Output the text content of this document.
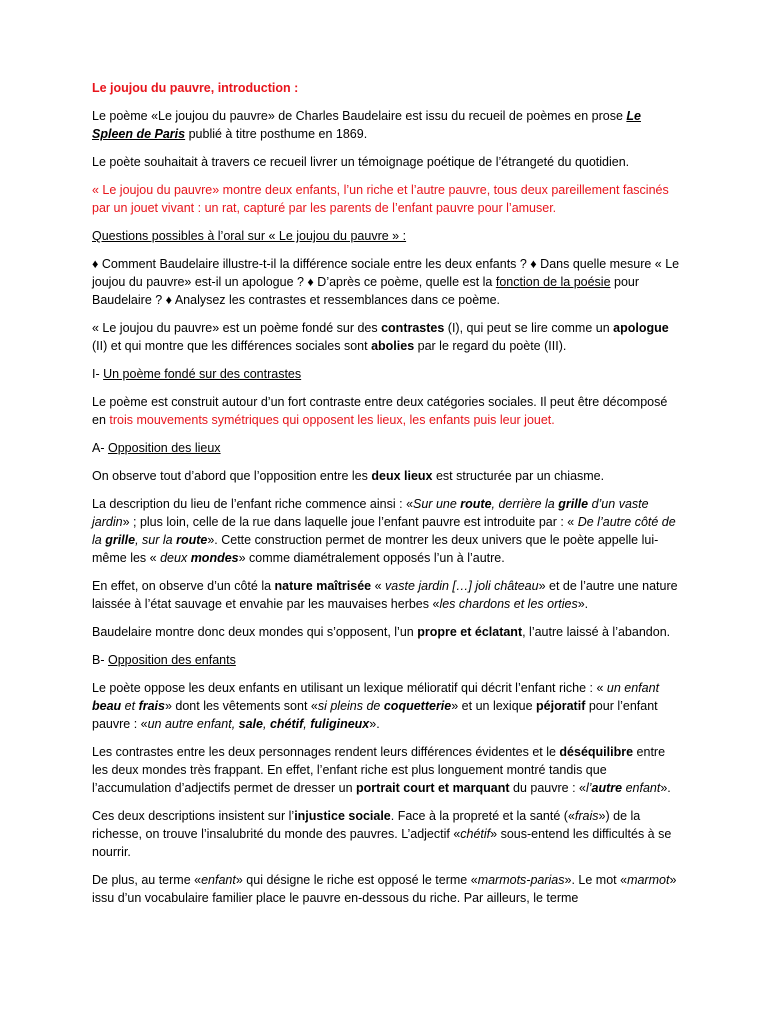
Le joujou du pauvre, introduction :

Le poème «Le joujou du pauvre» de Charles Baudelaire est issu du recueil de poèmes en prose Le Spleen de Paris publié à titre posthume en 1869.

Le poète souhaitait à travers ce recueil livrer un témoignage poétique de l’étrangeté du quotidien.

« Le joujou du pauvre» montre deux enfants, l’un riche et l’autre pauvre, tous deux pareillement fascinés par un jouet vivant : un rat, capturé par les parents de l’enfant pauvre pour l’amuser.

Questions possibles à l’oral sur « Le joujou du pauvre » :

♦ Comment Baudelaire illustre-t-il la différence sociale entre les deux enfants ? ♦ Dans quelle mesure « Le joujou du pauvre» est-il un apologue ? ♦ D’après ce poème, quelle est la fonction de la poésie pour Baudelaire ? ♦ Analysez les contrastes et ressemblances dans ce poème.

« Le joujou du pauvre» est un poème fondé sur des contrastes (I), qui peut se lire comme un apologue (II) et qui montre que les différences sociales sont abolies par le regard du poète (III).

I- Un poème fondé sur des contrastes

Le poème est construit autour d’un fort contraste entre deux catégories sociales. Il peut être décomposé en trois mouvements symétriques qui opposent les lieux, les enfants puis leur jouet.

A- Opposition des lieux

On observe tout d’abord que l’opposition entre les deux lieux est structurée par un chiasme.

La description du lieu de l’enfant riche commence ainsi : «Sur une route, derrière la grille d’un vaste jardin» ; plus loin, celle de la rue dans laquelle joue l’enfant pauvre est introduite par : « De l’autre côté de la grille, sur la route». Cette construction permet de montrer les deux univers que le poète appelle lui-même les « deux mondes» comme diamétralement opposés l’un à l’autre.

En effet, on observe d’un côté la nature maîtrisée « vaste jardin […] joli château» et de l’autre une nature laissée à l’état sauvage et envahie par les mauvaises herbes «les chardons et les orties».

Baudelaire montre donc deux mondes qui s’opposent, l’un propre et éclatant, l’autre laissé à l’abandon.

B- Opposition des enfants

Le poète oppose les deux enfants en utilisant un lexique mélioratif qui décrit l’enfant riche : « un enfant beau et frais» dont les vêtements sont «si pleins de coquetterie» et un lexique péjoratif pour l’enfant pauvre : «un autre enfant, sale, chétif, fuligineux».

Les contrastes entre les deux personnages rendent leurs différences évidentes et le déséquilibre entre les deux mondes très frappant. En effet, l’enfant riche est plus longuement montré tandis que l’accumulation d’adjectifs permet de dresser un portrait court et marquant du pauvre : «l’autre enfant».

Ces deux descriptions insistent sur l’injustice sociale. Face à la propreté et la santé («frais») de la richesse, on trouve l’insalubrité du monde des pauvres. L’adjectif «chétif» sous-entend les difficultés à se nourrir.

De plus, au terme «enfant» qui désigne le riche est opposé le terme «marmots-parias». Le mot «marmot» issu d’un vocabulaire familier place le pauvre en-dessous du riche. Par ailleurs, le terme
